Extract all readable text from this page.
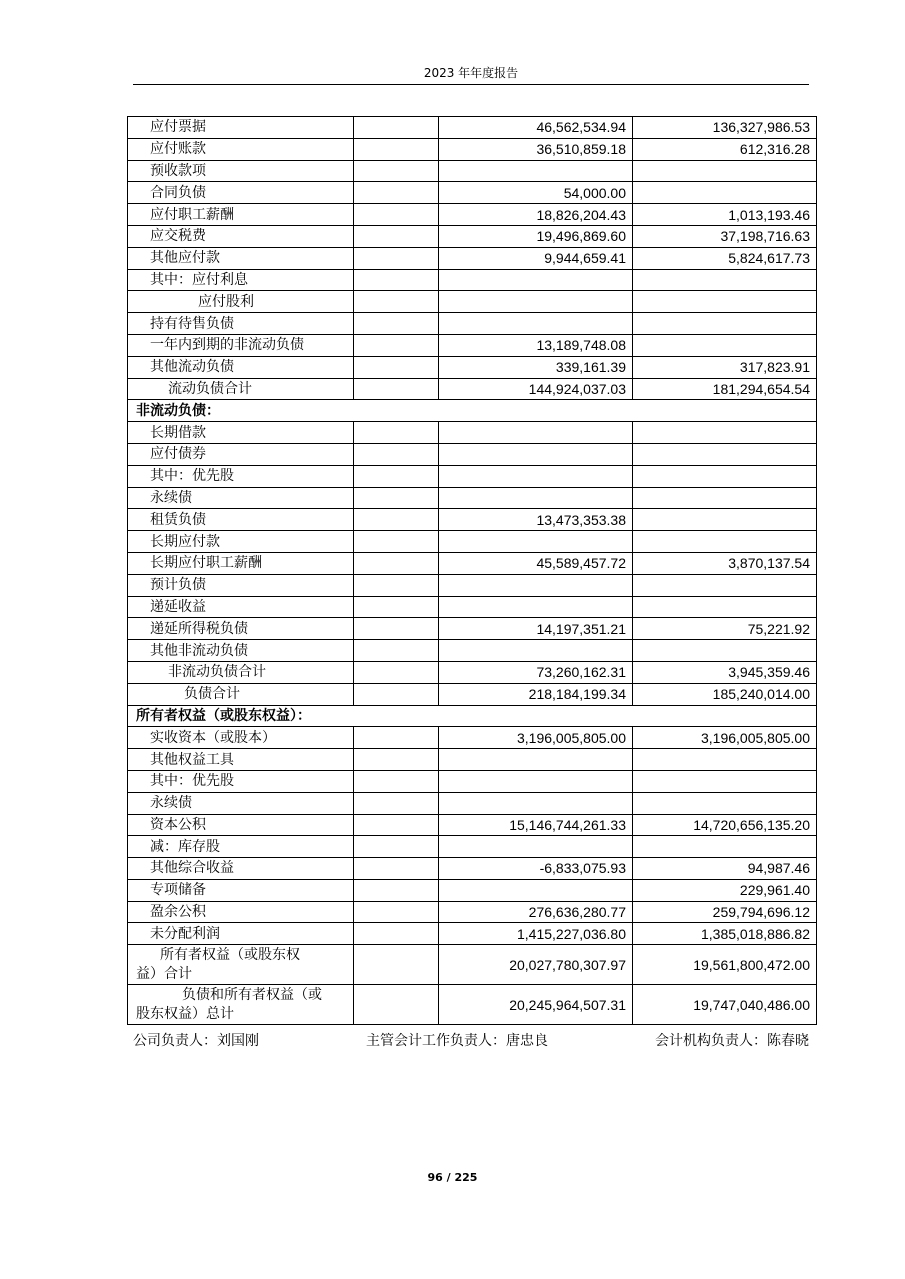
2023 年年度报告
应付票据		46,562,534.94	136,327,986.53
应付账款		36,510,859.18	612,316.28
预收款项			
合同负债		54,000.00	
应付职工薪酬		18,826,204.43	1,013,193.46
应交税费		19,496,869.60	37,198,716.63
其他应付款		9,944,659.41	5,824,617.73
其中：应付利息			
应付股利			
持有待售负债			
一年内到期的非流动负债		13,189,748.08	
其他流动负债		339,161.39	317,823.91
流动负债合计		144,924,037.03	181,294,654.54
非流动负债：			
长期借款			
应付债券			
其中：优先股			
永续债			
租赁负债		13,473,353.38	
长期应付款			
长期应付职工薪酬		45,589,457.72	3,870,137.54
预计负债			
递延收益			
递延所得税负债		14,197,351.21	75,221.92
其他非流动负债			
非流动负债合计		73,260,162.31	3,945,359.46
负债合计		218,184,199.34	185,240,014.00
所有者权益（或股东权益）：			
实收资本（或股本）		3,196,005,805.00	3,196,005,805.00
其他权益工具			
其中：优先股			
永续债			
资本公积		15,146,744,261.33	14,720,656,135.20
减：库存股			
其他综合收益		-6,833,075.93	94,987.46
专项储备			229,961.40
盈余公积		276,636,280.77	259,794,696.12
未分配利润		1,415,227,036.80	1,385,018,886.82

所有者权益（或股东权
益）合计		20,027,780,307.97	19,561,800,472.00

负债和所有者权益（或
股东权益）总计		20,245,964,507.31	19,747,040,486.00
公司负责人：刘国刚	主管会计工作负责人：唐忠良	会计机构负责人：陈春晓
96 / 225
